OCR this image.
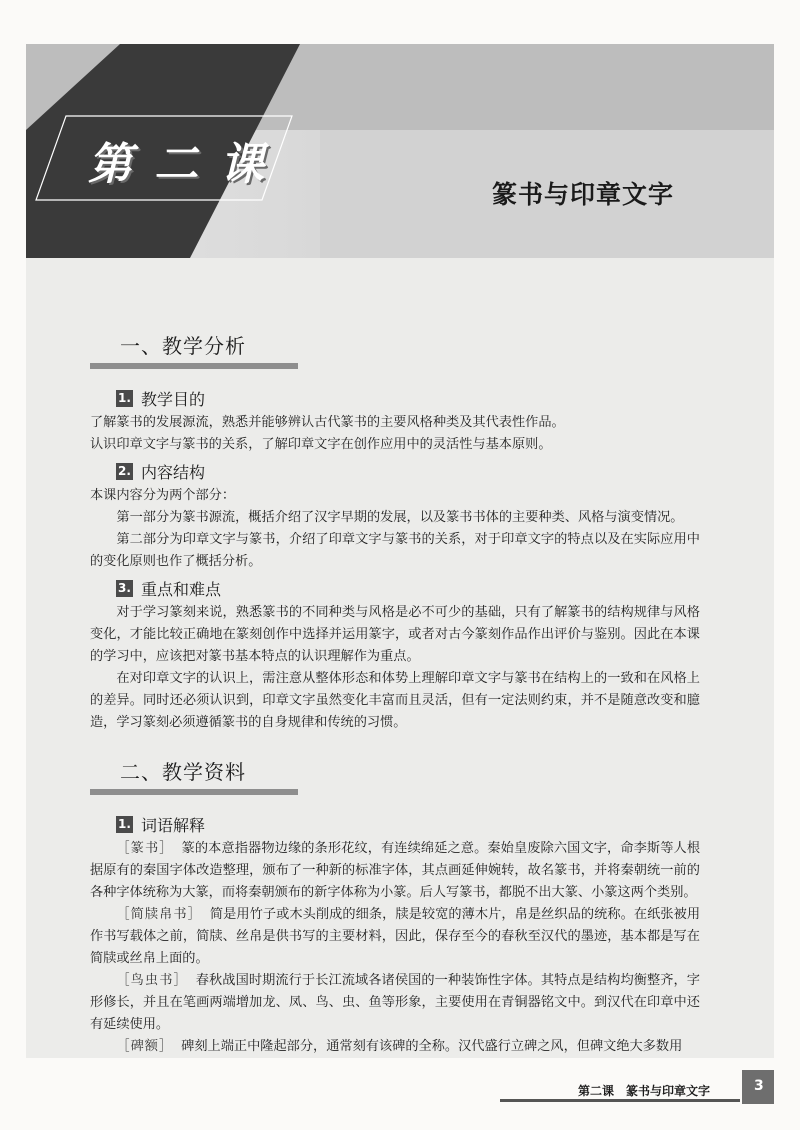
第二课
篆书与印章文字
一、教学分析
1. 教学目的

了解篆书的发展源流，熟悉并能够辨认古代篆书的主要风格种类及其代表性作品。

认识印章文字与篆书的关系，了解印章文字在创作应用中的灵活性与基本原则。

2. 内容结构

本课内容分为两个部分：

第一部分为篆书源流，概括介绍了汉字早期的发展，以及篆书书体的主要种类、风格与演变情况。

第二部分为印章文字与篆书，介绍了印章文字与篆书的关系，对于印章文字的特点以及在实际应用中的变化原则也作了概括分析。

3. 重点和难点

对于学习篆刻来说，熟悉篆书的不同种类与风格是必不可少的基础，只有了解篆书的结构规律与风格变化，才能比较正确地在篆刻创作中选择并运用篆字，或者对古今篆刻作品作出评价与鉴别。因此在本课的学习中，应该把对篆书基本特点的认识理解作为重点。

在对印章文字的认识上，需注意从整体形态和体势上理解印章文字与篆书在结构上的一致和在风格上的差异。同时还必须认识到，印章文字虽然变化丰富而且灵活，但有一定法则约束，并不是随意改变和臆造，学习篆刻必须遵循篆书的自身规律和传统的习惯。

二、教学资料
1. 词语解释

［篆书］ 篆的本意指器物边缘的条形花纹，有连续绵延之意。秦始皇废除六国文字，命李斯等人根据原有的秦国字体改造整理，颁布了一种新的标准字体，其点画延伸婉转，故名篆书，并将秦朝统一前的各种字体统称为大篆，而将秦朝颁布的新字体称为小篆。后人写篆书，都脱不出大篆、小篆这两个类别。

［简牍帛书］ 简是用竹子或木头削成的细条，牍是较宽的薄木片，帛是丝织品的统称。在纸张被用作书写载体之前，简牍、丝帛是供书写的主要材料，因此，保存至今的春秋至汉代的墨迹，基本都是写在简牍或丝帛上面的。

［鸟虫书］ 春秋战国时期流行于长江流域各诸侯国的一种装饰性字体。其特点是结构均衡整齐，字形修长，并且在笔画两端增加龙、凤、鸟、虫、鱼等形象，主要使用在青铜器铭文中。到汉代在印章中还有延续使用。

［碑额］ 碑刻上端正中隆起部分，通常刻有该碑的全称。汉代盛行立碑之风，但碑文绝大多数用

第二课　篆书与印章文字	3
